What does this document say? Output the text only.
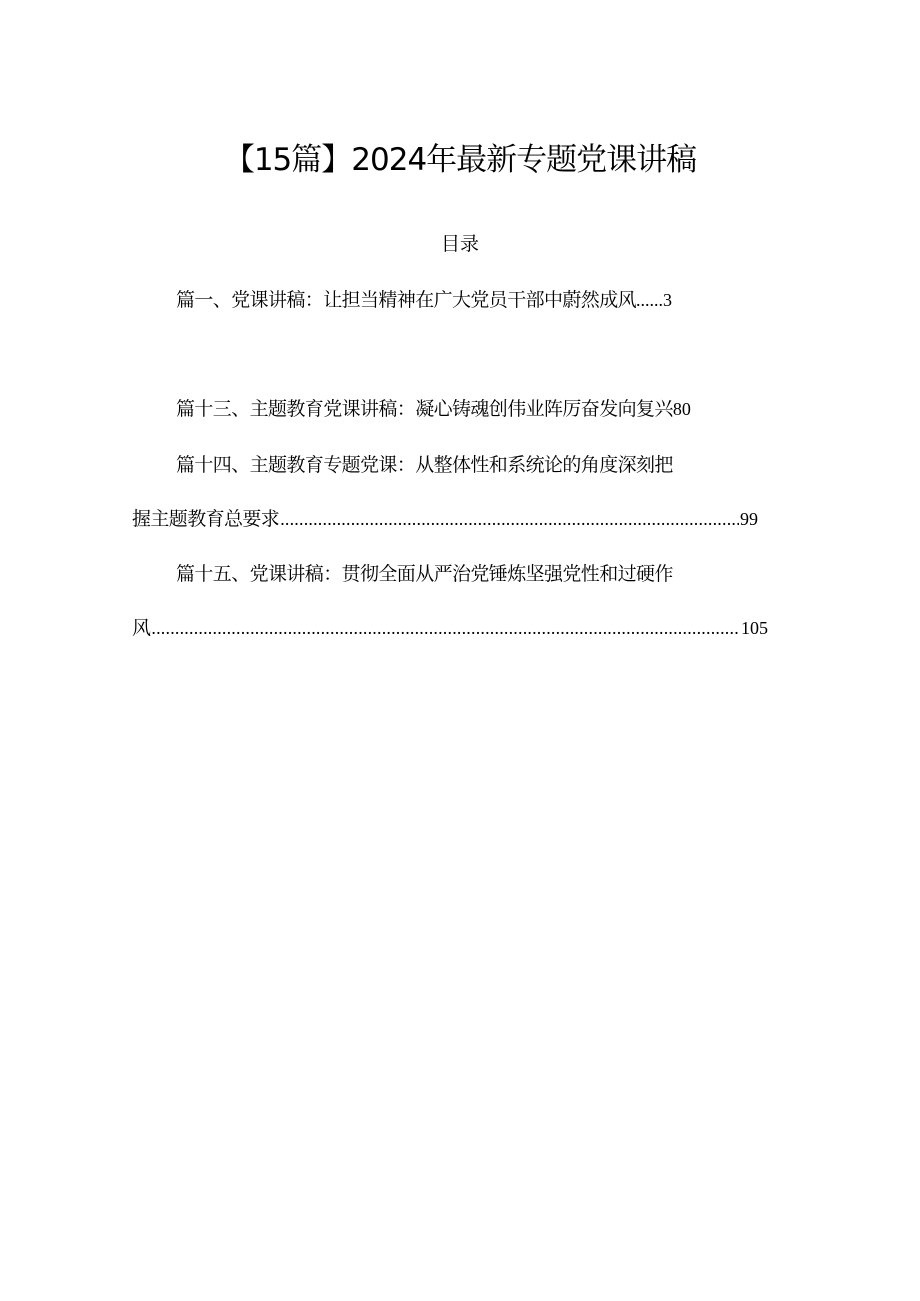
【15篇】2024年最新专题党课讲稿
目录
篇一、党课讲稿：让担当精神在广大党员干部中蔚然成风......3
篇十三、主题教育党课讲稿：凝心铸魂创伟业阵厉奋发向复兴80
篇十四、主题教育专题党课：从整体性和系统论的角度深刻把
握主题教育总要求 .....	99
篇十五、党课讲稿：贯彻全面从严治党锤炼坚强党性和过硬作
风 .....	105
